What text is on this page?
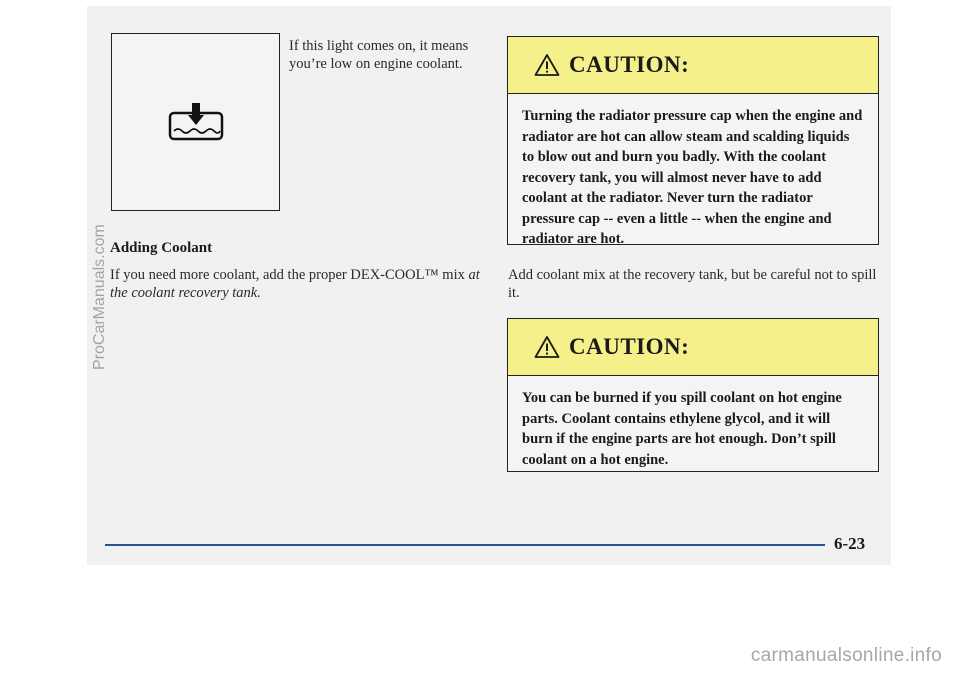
If this light comes on, it means you’re low on engine coolant.
Adding Coolant
If you need more coolant, add the proper DEX-COOL™ mix at the coolant recovery tank.
CAUTION:
Turning the radiator pressure cap when the engine and radiator are hot can allow steam and scalding liquids to blow out and burn you badly. With the coolant recovery tank, you will almost never have to add coolant at the radiator. Never turn the radiator pressure cap -- even a little -- when the engine and radiator are hot.
Add coolant mix at the recovery tank, but be careful not to spill it.
CAUTION:
You can be burned if you spill coolant on hot engine parts. Coolant contains ethylene glycol, and it will burn if the engine parts are hot enough. Don’t spill coolant on a hot engine.
6-23
ProCarManuals.com
carmanualsonline.info
